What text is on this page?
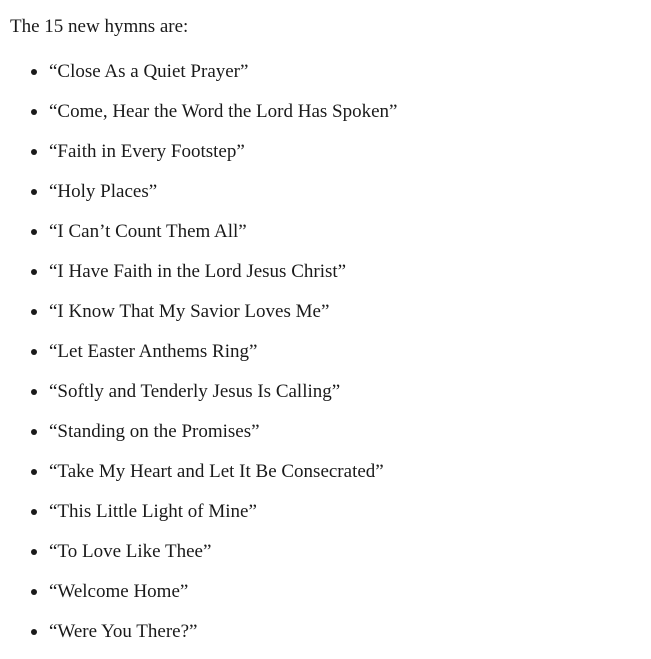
The 15 new hymns are:

“Close As a Quiet Prayer”
“Come, Hear the Word the Lord Has Spoken”
“Faith in Every Footstep”
“Holy Places”
“I Can’t Count Them All”
“I Have Faith in the Lord Jesus Christ”
“I Know That My Savior Loves Me”
“Let Easter Anthems Ring”
“Softly and Tenderly Jesus Is Calling”
“Standing on the Promises”
“Take My Heart and Let It Be Consecrated”
“This Little Light of Mine”
“To Love Like Thee”
“Welcome Home”
“Were You There?”
